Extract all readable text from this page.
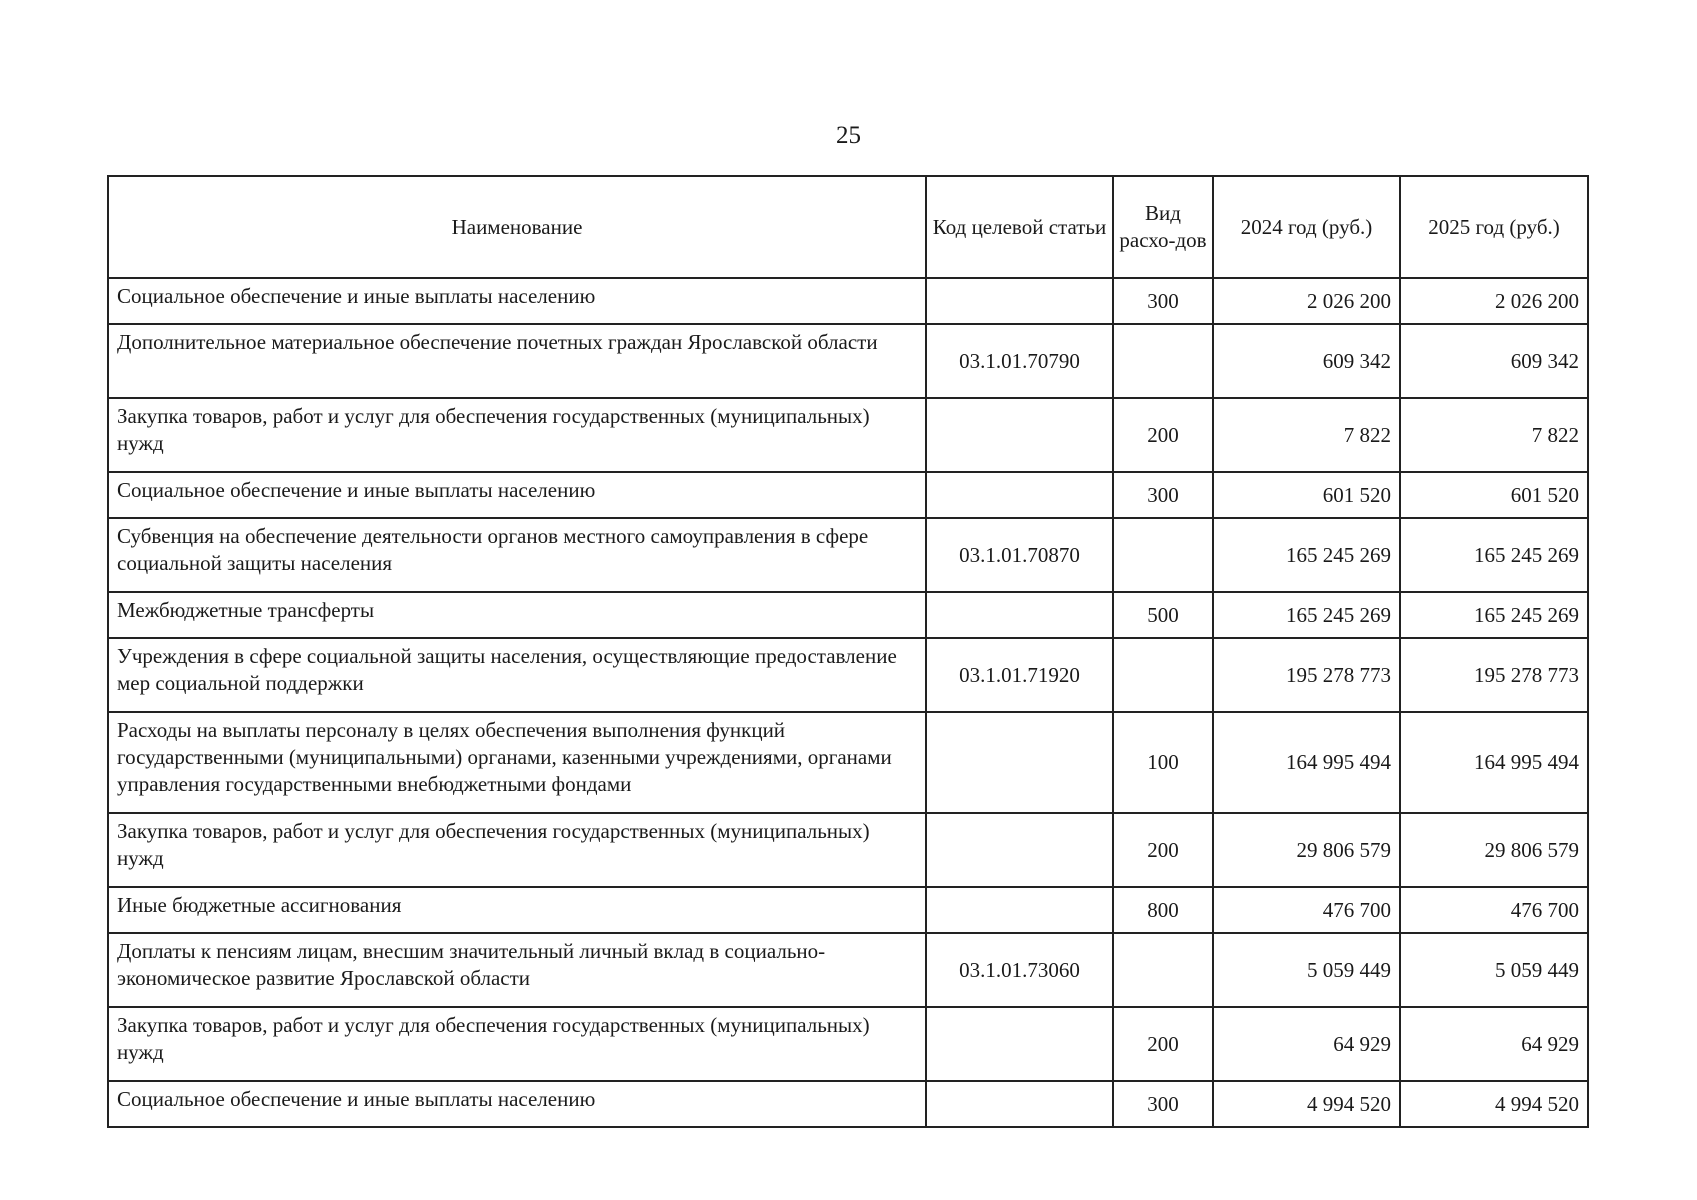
25
Наименование	Код целевой статьи	Вид расхо-дов	2024 год (руб.)	2025 год (руб.)
Социальное обеспечение и иные выплаты населению		300	2 026 200	2 026 200
Дополнительное материальное обеспечение почетных граждан Ярославской области	03.1.01.70790		609 342	609 342
Закупка товаров, работ и услуг для обеспечения государственных (муниципальных) нужд		200	7 822	7 822
Социальное обеспечение и иные выплаты населению		300	601 520	601 520
Субвенция на обеспечение деятельности органов местного самоуправления в сфере социальной защиты населения	03.1.01.70870		165 245 269	165 245 269
Межбюджетные трансферты		500	165 245 269	165 245 269
Учреждения в сфере социальной защиты населения, осуществляющие предоставление мер социальной поддержки	03.1.01.71920		195 278 773	195 278 773
Расходы на выплаты персоналу в целях обеспечения выполнения функций государственными (муниципальными) органами, казенными учреждениями, органами управления государственными внебюджетными фондами		100	164 995 494	164 995 494
Закупка товаров, работ и услуг для обеспечения государственных (муниципальных) нужд		200	29 806 579	29 806 579
Иные бюджетные ассигнования		800	476 700	476 700
Доплаты к пенсиям лицам, внесшим значительный личный вклад в социально-экономическое развитие Ярославской области	03.1.01.73060		5 059 449	5 059 449
Закупка товаров, работ и услуг для обеспечения государственных (муниципальных) нужд		200	64 929	64 929
Социальное обеспечение и иные выплаты населению		300	4 994 520	4 994 520
